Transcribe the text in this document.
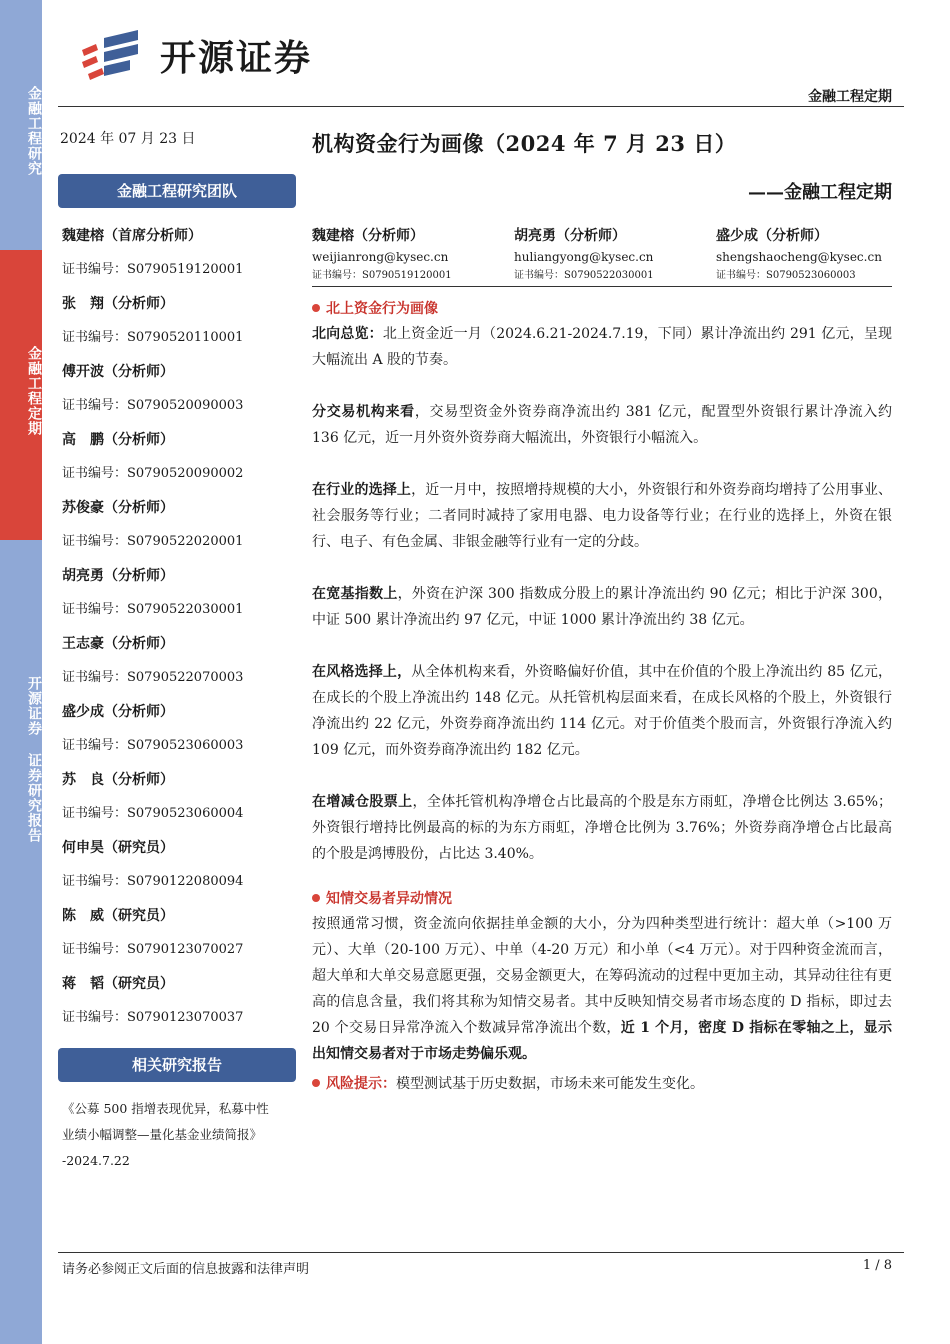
金融工程研究
金融工程定期
开源证券 证券研究报告
开源证券
金融工程定期
2024 年 07 月 23 日
金融工程研究团队
魏建榕（首席分析师）
证书编号：S0790519120001
张　翔（分析师）
证书编号：S0790520110001
傅开波（分析师）
证书编号：S0790520090003
高　鹏（分析师）
证书编号：S0790520090002
苏俊豪（分析师）
证书编号：S0790522020001
胡亮勇（分析师）
证书编号：S0790522030001
王志豪（分析师）
证书编号：S0790522070003
盛少成（分析师）
证书编号：S0790523060003
苏　良（分析师）
证书编号：S0790523060004
何申昊（研究员）
证书编号：S0790122080094
陈　威（研究员）
证书编号：S0790123070027
蒋　韬（研究员）
证书编号：S0790123070037
相关研究报告
《公募 500 指增表现优异，私募中性
业绩小幅调整—量化基金业绩简报》
-2024.7.22
机构资金行为画像（2024 年 7 月 23 日）
——金融工程定期
魏建榕（分析师）
weijianrong@kysec.cn
证书编号：S0790519120001
胡亮勇（分析师）
huliangyong@kysec.cn
证书编号：S0790522030001
盛少成（分析师）
shengshaocheng@kysec.cn
证书编号：S0790523060003
北上资金行为画像
北向总览：北上资金近一月（2024.6.21-2024.7.19，下同）累计净流出约 291 亿元，呈现大幅流出 A 股的节奏。
分交易机构来看，交易型资金外资券商净流出约 381 亿元，配置型外资银行累计净流入约 136 亿元，近一月外资外资券商大幅流出，外资银行小幅流入。
在行业的选择上，近一月中，按照增持规模的大小，外资银行和外资券商均增持了公用事业、社会服务等行业；二者同时减持了家用电器、电力设备等行业；在行业的选择上，外资在银行、电子、有色金属、非银金融等行业有一定的分歧。
在宽基指数上，外资在沪深 300 指数成分股上的累计净流出约 90 亿元；相比于沪深 300，中证 500 累计净流出约 97 亿元，中证 1000 累计净流出约 38 亿元。
在风格选择上，从全体机构来看，外资略偏好价值，其中在价值的个股上净流出约 85 亿元，在成长的个股上净流出约 148 亿元。从托管机构层面来看，在成长风格的个股上，外资银行净流出约 22 亿元，外资券商净流出约 114 亿元。对于价值类个股而言，外资银行净流入约 109 亿元，而外资券商净流出约 182 亿元。
在增减仓股票上，全体托管机构净增仓占比最高的个股是东方雨虹，净增仓比例达 3.65%；外资银行增持比例最高的标的为东方雨虹，净增仓比例为 3.76%；外资券商净增仓占比最高的个股是鸿博股份，占比达 3.40%。
知情交易者异动情况
按照通常习惯，资金流向依据挂单金额的大小，分为四种类型进行统计：超大单（>100 万元）、大单（20-100 万元）、中单（4-20 万元）和小单（<4 万元）。对于四种资金流而言，超大单和大单交易意愿更强，交易金额更大，在筹码流动的过程中更加主动，其异动往往有更高的信息含量，我们将其称为知情交易者。其中反映知情交易者市场态度的 D 指标，即过去 20 个交易日异常净流入个数减异常净流出个数，近 1 个月，密度 D 指标在零轴之上，显示出知情交易者对于市场走势偏乐观。
风险提示：模型测试基于历史数据，市场未来可能发生变化。
请务必参阅正文后面的信息披露和法律声明	1 / 8
